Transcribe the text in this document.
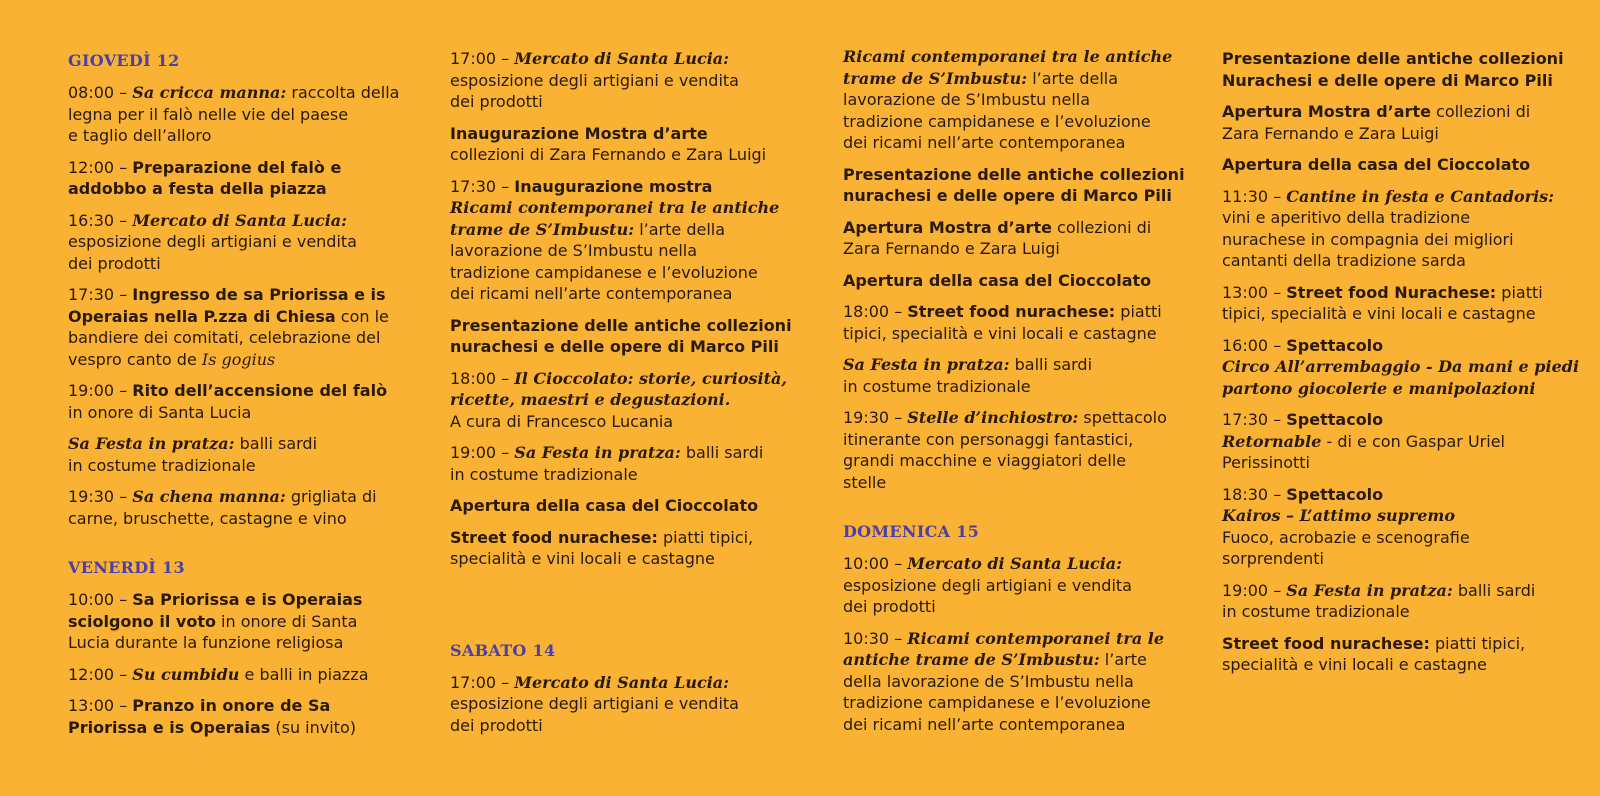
GIOVEDÌ 12
08:00 – Sa cricca manna: raccolta della
legna per il falò nelle vie del paese
e taglio dell’alloro
12:00 – Preparazione del falò e
addobbo a festa della piazza
16:30 – Mercato di Santa Lucia:
esposizione degli artigiani e vendita
dei prodotti
17:30 – Ingresso de sa Priorissa e is
Operaias nella P.zza di Chiesa con le
bandiere dei comitati, celebrazione del
vespro canto de Is gogius
19:00 – Rito dell’accensione del falò
in onore di Santa Lucia
Sa Festa in pratza: balli sardi
in costume tradizionale
19:30 – Sa chena manna: grigliata di
carne, bruschette, castagne e vino
VENERDÌ 13
10:00 – Sa Priorissa e is Operaias
sciolgono il voto in onore di Santa
Lucia durante la funzione religiosa
12:00 – Su cumbidu e balli in piazza
13:00 – Pranzo in onore de Sa
Priorissa e is Operaias (su invito)
17:00 – Mercato di Santa Lucia:
esposizione degli artigiani e vendita
dei prodotti
Inaugurazione Mostra d’arte
collezioni di Zara Fernando e Zara Luigi
17:30 – Inaugurazione mostra
Ricami contemporanei tra le antiche
trame de S’Imbustu: l’arte della
lavorazione de S’Imbustu nella
tradizione campidanese e l’evoluzione
dei ricami nell’arte contemporanea
Presentazione delle antiche collezioni
nurachesi e delle opere di Marco Pili
18:00 – Il Cioccolato: storie, curiosità,
ricette, maestri e degustazioni.
A cura di Francesco Lucania
19:00 – Sa Festa in pratza: balli sardi
in costume tradizionale
Apertura della casa del Cioccolato
Street food nurachese: piatti tipici,
specialità e vini locali e castagne
SABATO 14
17:00 – Mercato di Santa Lucia:
esposizione degli artigiani e vendita
dei prodotti
Ricami contemporanei tra le antiche
trame de S’Imbustu: l’arte della
lavorazione de S’Imbustu nella
tradizione campidanese e l’evoluzione
dei ricami nell’arte contemporanea
Presentazione delle antiche collezioni
nurachesi e delle opere di Marco Pili
Apertura Mostra d’arte collezioni di
Zara Fernando e Zara Luigi
Apertura della casa del Cioccolato
18:00 – Street food nurachese: piatti
tipici, specialità e vini locali e castagne
Sa Festa in pratza: balli sardi
in costume tradizionale
19:30 – Stelle d’inchiostro: spettacolo
itinerante con personaggi fantastici,
grandi macchine e viaggiatori delle
stelle
DOMENICA 15
10:00 – Mercato di Santa Lucia:
esposizione degli artigiani e vendita
dei prodotti
10:30 – Ricami contemporanei tra le
antiche trame de S’Imbustu: l’arte
della lavorazione de S’Imbustu nella
tradizione campidanese e l’evoluzione
dei ricami nell’arte contemporanea
Presentazione delle antiche collezioni
Nurachesi e delle opere di Marco Pili
Apertura Mostra d’arte collezioni di
Zara Fernando e Zara Luigi
Apertura della casa del Cioccolato
11:30 – Cantine in festa e Cantadoris:
vini e aperitivo della tradizione
nurachese in compagnia dei migliori
cantanti della tradizione sarda
13:00 – Street food Nurachese: piatti
tipici, specialità e vini locali e castagne
16:00 – Spettacolo
Circo All’arrembaggio - Da mani e piedi
partono giocolerie e manipolazioni
17:30 – Spettacolo
Retornable - di e con Gaspar Uriel
Perissinotti
18:30 – Spettacolo
Kairos – L’attimo supremo
Fuoco, acrobazie e scenografie
sorprendenti
19:00 – Sa Festa in pratza: balli sardi
in costume tradizionale
Street food nurachese: piatti tipici,
specialità e vini locali e castagne
